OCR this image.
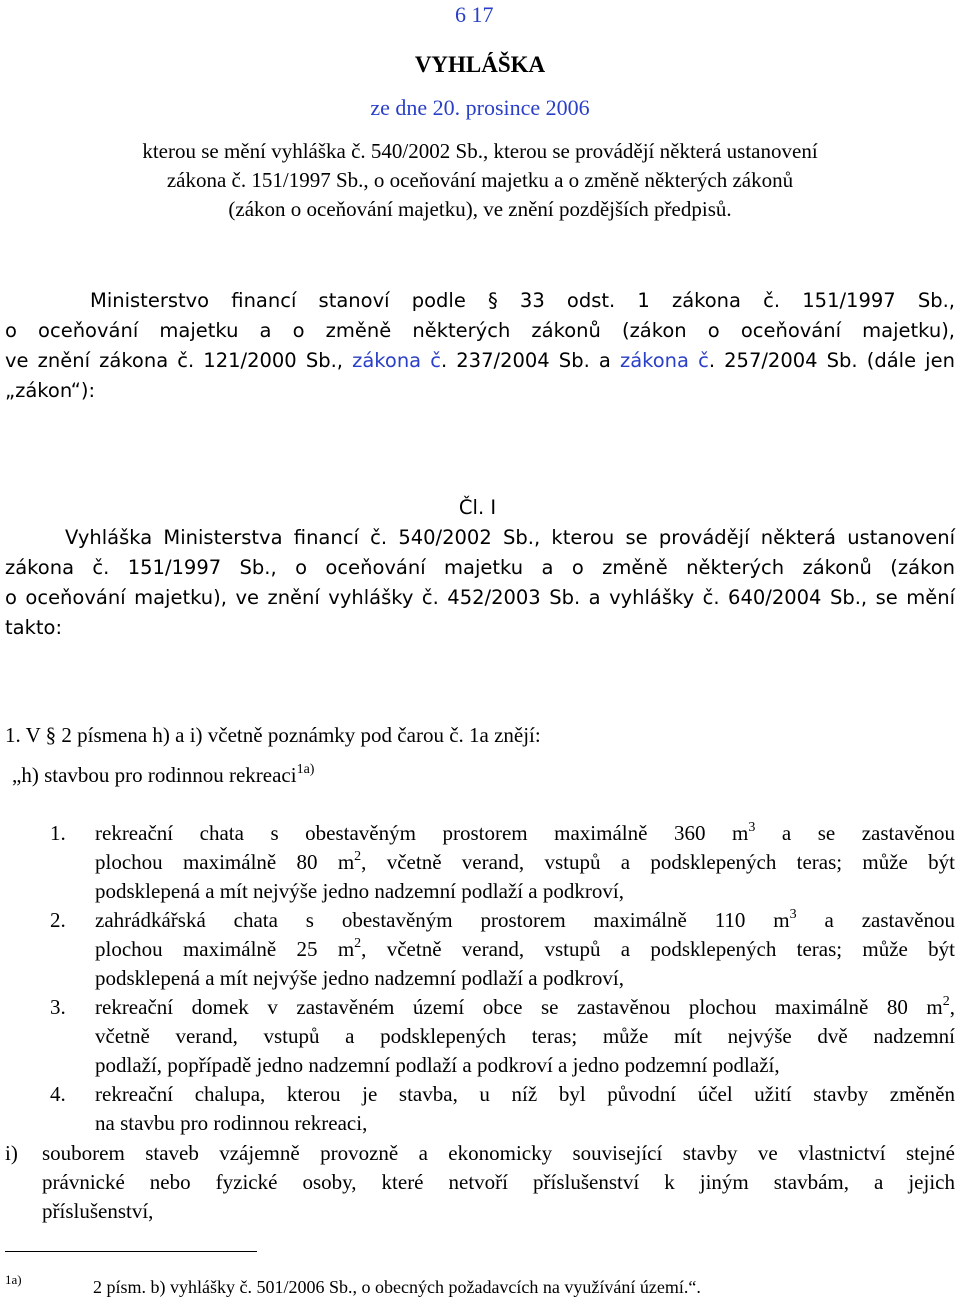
6 17
VYHLÁŠKA
ze dne 20. prosince 2006
kterou se mění vyhláška č. 540/2002 Sb., kterou se provádějí některá ustanovení
zákona č. 151/1997 Sb., o oceňování majetku a o změně některých zákonů
(zákon o oceňování majetku), ve znění pozdějších předpisů.
Ministerstvo financí stanoví podle § 33 odst. 1 zákona č. 151/1997 Sb.,
o oceňování majetku a o změně některých zákonů (zákon o oceňování majetku),
ve znění zákona č. 121/2000 Sb., zákona č. 237/2004 Sb. a zákona č. 257/2004 Sb. (dále jen
„zákon“):
Čl. I
Vyhláška Ministerstva financí č. 540/2002 Sb., kterou se provádějí některá ustanovení
zákona č. 151/1997 Sb., o oceňování majetku a o změně některých zákonů (zákon
o oceňování majetku), ve znění vyhlášky č. 452/2003 Sb. a vyhlášky č. 640/2004 Sb., se mění
takto:
1. V § 2 písmena h) a i) včetně poznámky pod čarou č. 1a znějí:
„h) stavbou pro rodinnou rekreaci$^{1a)}$
1. rekreační chata s obestavěným prostorem maximálně 360 $m^3$ a se zastavěnou
plochou maximálně 80 $m^2$, včetně verand, vstupů a podsklepených teras; může být
podsklepená a mít nejvýše jedno nadzemní podlaží a podkroví,
2. zahrádkářská chata s obestavěným prostorem maximálně 110 $m^3$ a zastavěnou
plochou maximálně 25 $m^2$, včetně verand, vstupů a podsklepených teras; může být
podsklepená a mít nejvýše jedno nadzemní podlaží a podkroví,
3. rekreační domek v zastavěném území obce se zastavěnou plochou maximálně 80 $m^2$,
včetně verand, vstupů a podsklepených teras; může mít nejvýše dvě nadzemní
podlaží, popřípadě jedno nadzemní podlaží a podkroví a jedno podzemní podlaží,
4. rekreační chalupa, kterou je stavba, u níž byl původní účel užití stavby změněn
na stavbu pro rodinnou rekreaci,
i) souborem staveb vzájemně provozně a ekonomicky související stavby ve vlastnictví stejné
právnické nebo fyzické osoby, které netvoří příslušenství k jiným stavbám, a jejich
příslušenství,
1a)	2 písm. b) vyhlášky č. 501/2006 Sb., o obecných požadavcích na využívání území.“.
